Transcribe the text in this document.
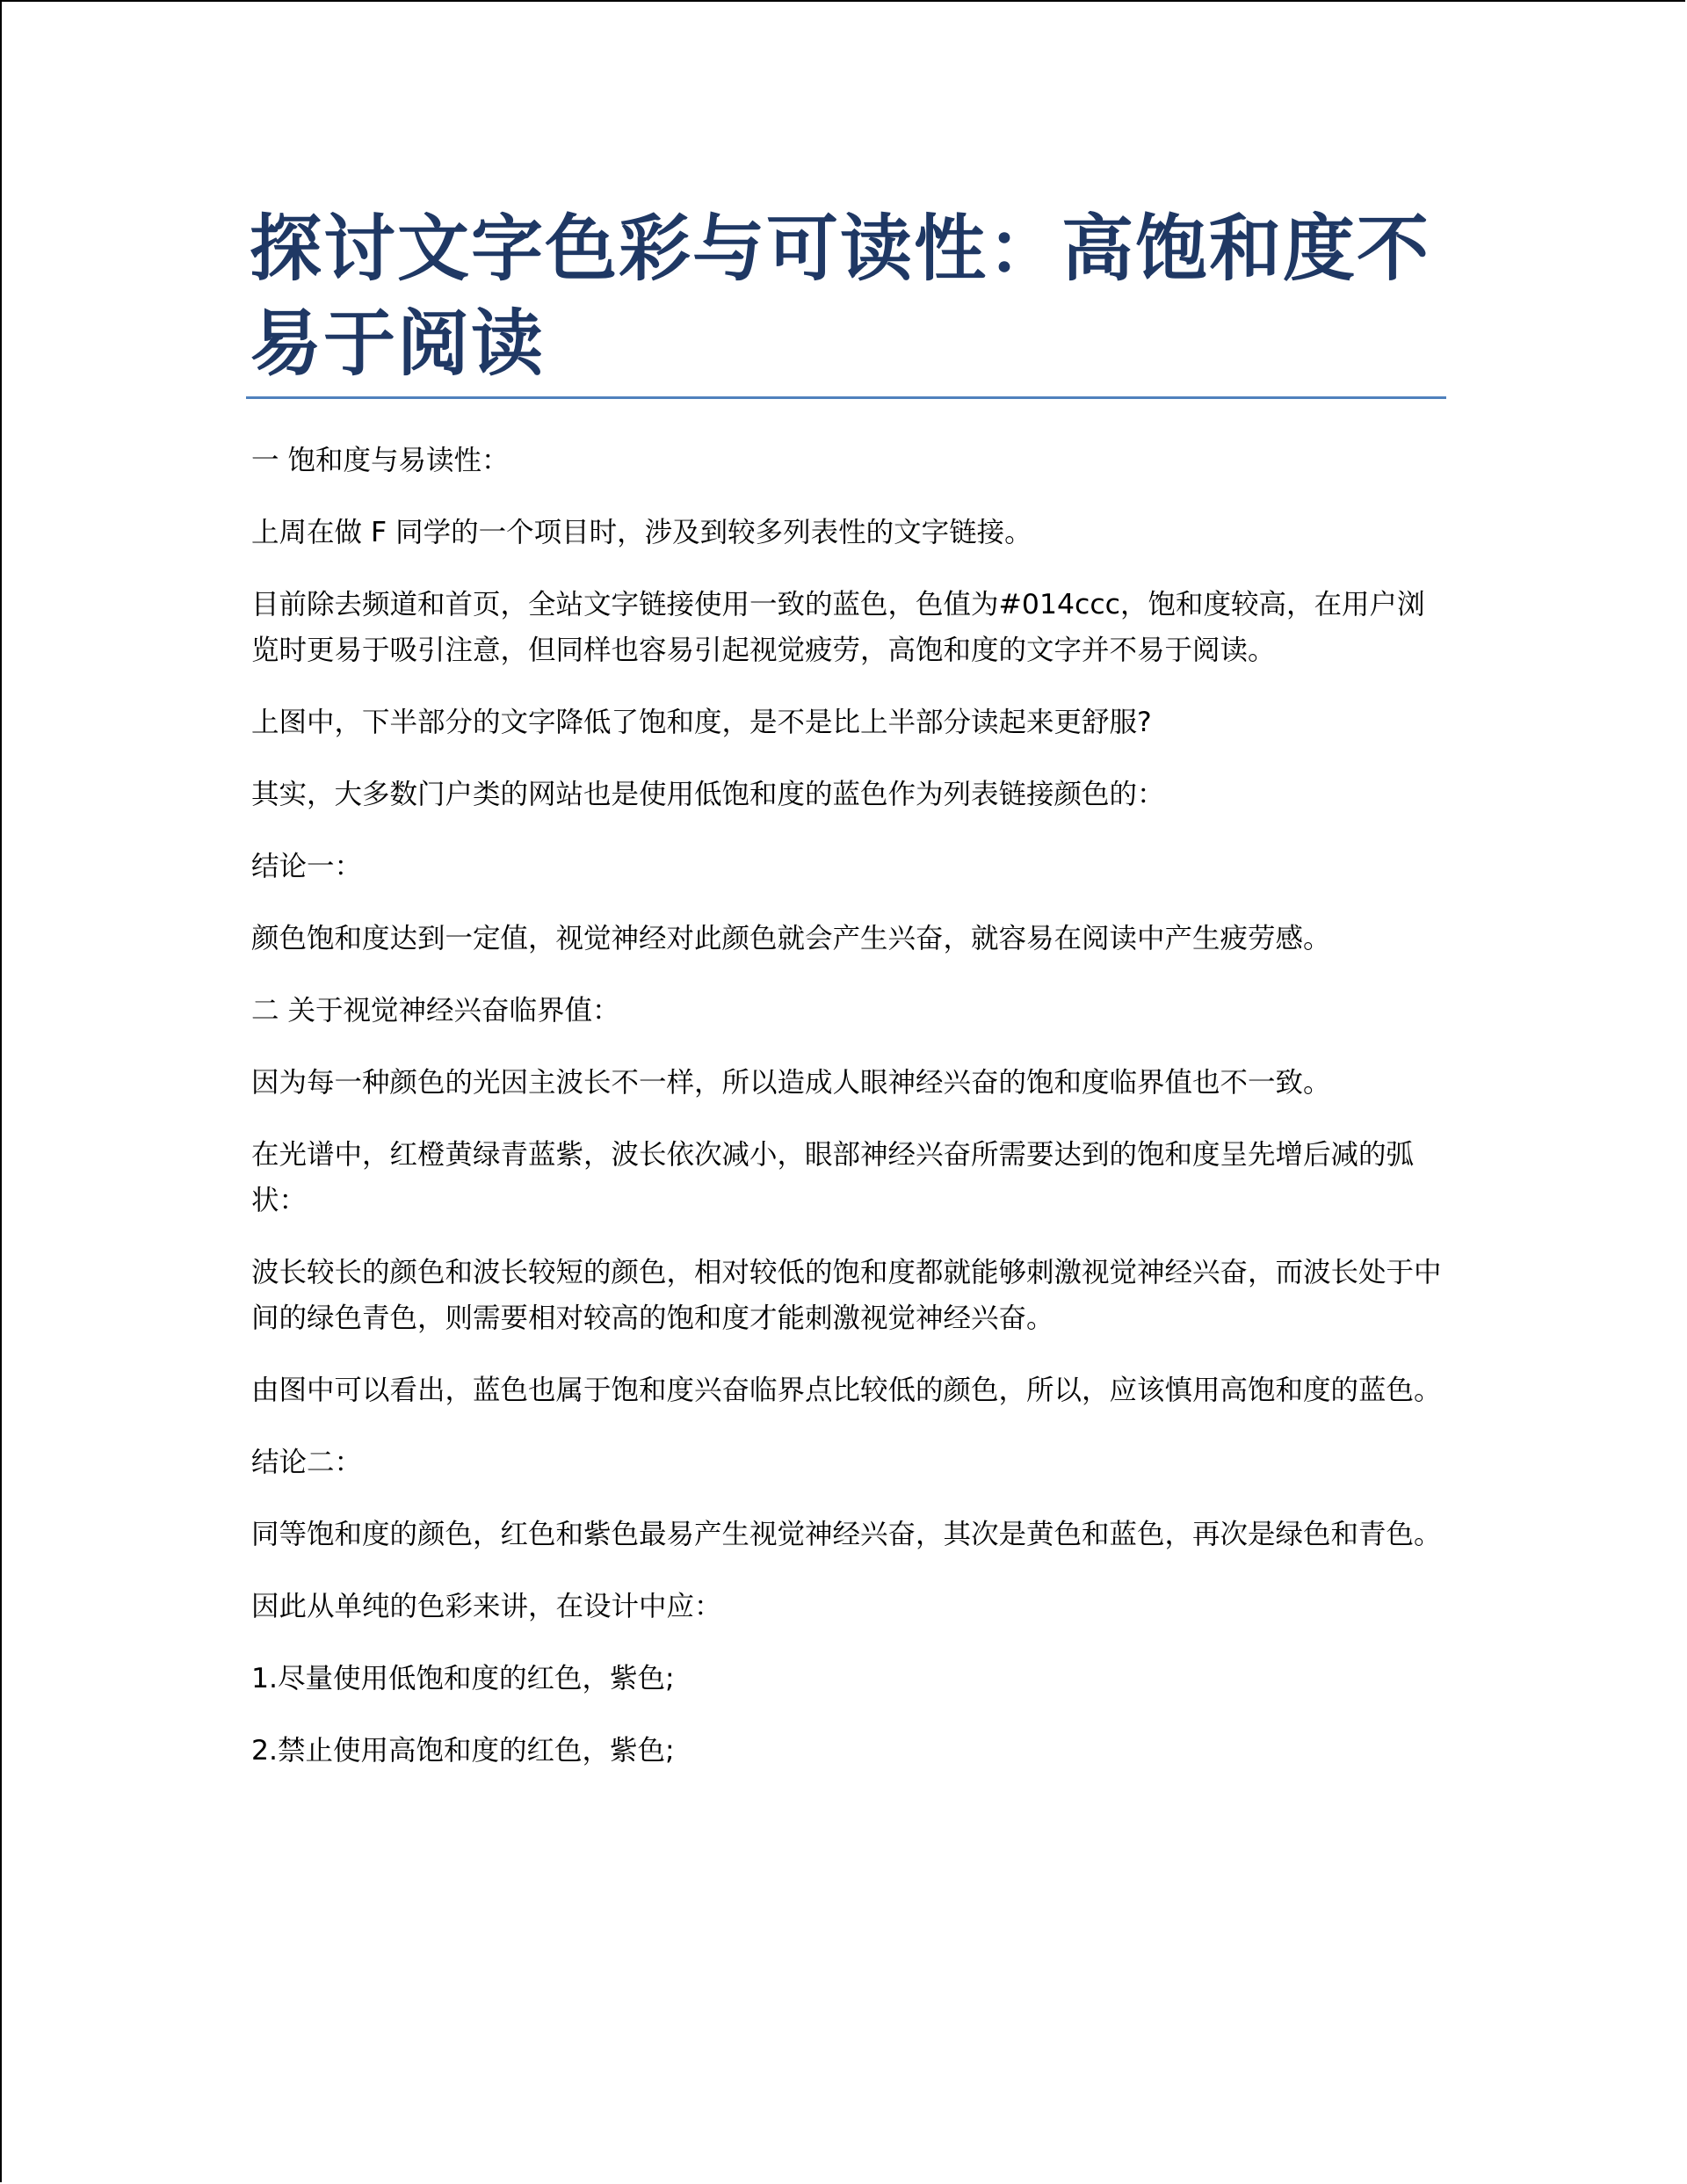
探讨文字色彩与可读性：高饱和度不易于阅读

一 饱和度与易读性：

上周在做 F 同学的一个项目时，涉及到较多列表性的文字链接。

目前除去频道和首页，全站文字链接使用一致的蓝色，色值为#014ccc，饱和度较高，在用户浏览时更易于吸引注意，但同样也容易引起视觉疲劳，高饱和度的文字并不易于阅读。

上图中，下半部分的文字降低了饱和度，是不是比上半部分读起来更舒服?

其实，大多数门户类的网站也是使用低饱和度的蓝色作为列表链接颜色的：

结论一：

颜色饱和度达到一定值，视觉神经对此颜色就会产生兴奋，就容易在阅读中产生疲劳感。

二 关于视觉神经兴奋临界值：

因为每一种颜色的光因主波长不一样，所以造成人眼神经兴奋的饱和度临界值也不一致。

在光谱中，红橙黄绿青蓝紫，波长依次减小，眼部神经兴奋所需要达到的饱和度呈先增后减的弧状：

波长较长的颜色和波长较短的颜色，相对较低的饱和度都就能够刺激视觉神经兴奋，而波长处于中间的绿色青色，则需要相对较高的饱和度才能刺激视觉神经兴奋。

由图中可以看出，蓝色也属于饱和度兴奋临界点比较低的颜色，所以，应该慎用高饱和度的蓝色。

结论二：

同等饱和度的颜色，红色和紫色最易产生视觉神经兴奋，其次是黄色和蓝色，再次是绿色和青色。

因此从单纯的色彩来讲，在设计中应：

1.尽量使用低饱和度的红色，紫色;

2.禁止使用高饱和度的红色，紫色;
